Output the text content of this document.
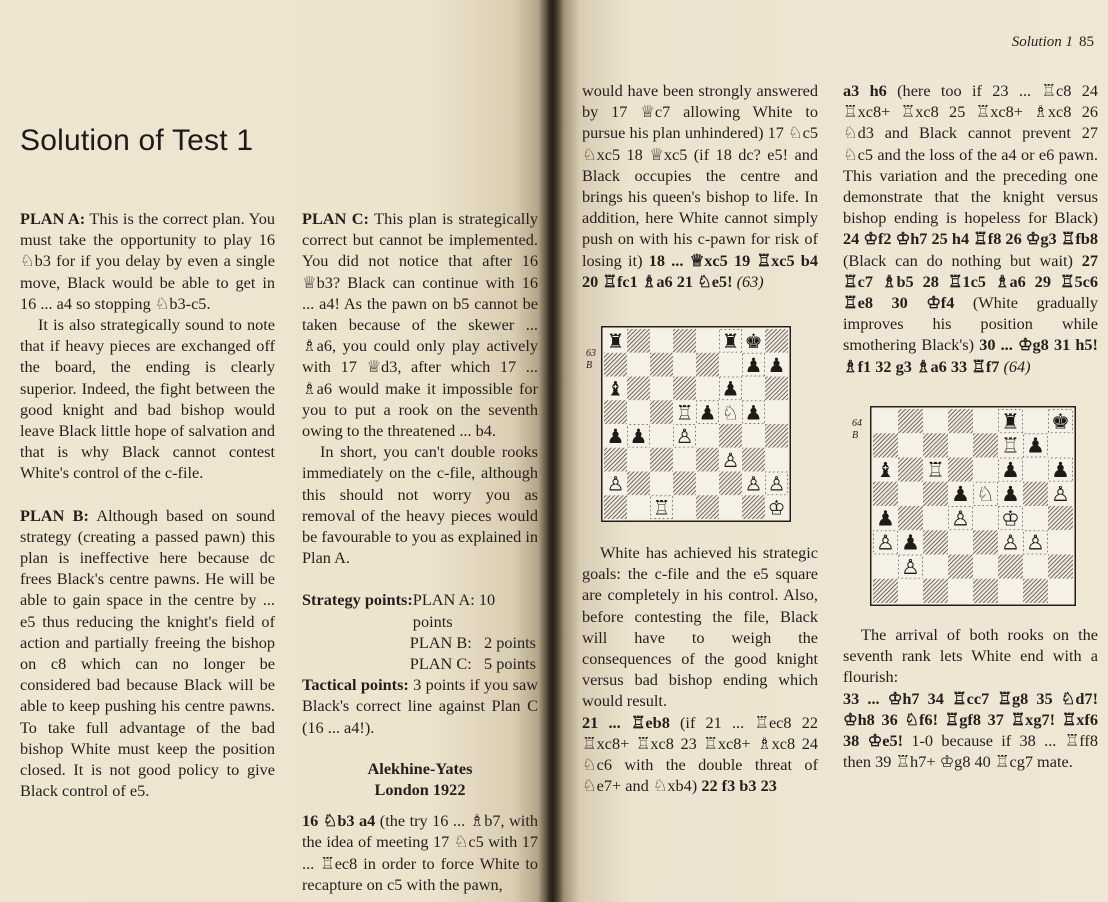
Solution of Test 1

PLAN A: This is the correct plan. You must take the opportunity to play 16 ♘b3 for if you delay by even a single move, Black would be able to get in 16 ... a4 so stopping ♘b3-c5.

It is also strategically sound to note that if heavy pieces are exchanged off the board, the ending is clearly superior. Indeed, the fight between the good knight and bad bishop would leave Black little hope of salvation and that is why Black cannot contest White's control of the c-file.

PLAN B: Although based on sound strategy (creating a passed pawn) this plan is ineffective here because dc frees Black's centre pawns. He will be able to gain space in the centre by ... e5 thus reducing the knight's field of action and partially freeing the bishop on c8 which can no longer be considered bad because Black will be able to keep pushing his centre pawns. To take full advantage of the bad bishop White must keep the position closed. It is not good policy to give Black control of e5.

PLAN C: This plan is strategically correct but cannot be implemented. You did not notice that after 16 ♕b3? Black can continue with 16 ... a4! As the pawn on b5 cannot be taken because of the skewer ... ♗a6, you could only play actively with 17 ♕d3, after which 17 ... ♗a6 would make it impossible for you to put a rook on the seventh owing to the threatened ... b4.

In short, you can't double rooks immediately on the c-file, although this should not worry you as removal of the heavy pieces would be favourable to you as explained in Plan A.

Strategy points: PLAN A: 10 points
PLAN B:   2 points
PLAN C:   5 points

Tactical points: 3 points if you saw Black's correct line against Plan C (16 ... a4!).

Alekhine-Yates

London 1922

16 ♘b3 a4 (the try 16 ... ♗b7, with the idea of meeting 17 ♘c5 with 17 ... ♖ec8 in order to force White to recapture on c5 with the pawn,

Solution 1 85

would have been strongly answered by 17 ♕c7 allowing White to pursue his plan unhindered) 17 ♘c5 ♘xc5 18 ♕xc5 (if 18 dc? e5! and Black occupies the centre and brings his queen's bishop to life. In addition, here White cannot simply push on with his c-pawn for risk of losing it) 18 ... ♕xc5 19 ♖xc5 b4 20 ♖fc1 ♗a6 21 ♘e5! (63)

63
B
♜	♜ ♚
♟ ♟
♝	♟
♖ ♟ ♘ ♟
♟ ♟ ♙
♙
♙	♙ ♙
♖	♔

White has achieved his strategic goals: the c-file and the e5 square are completely in his control. Also, before contesting the file, Black will have to weigh the consequences of the good knight versus bad bishop ending which would result.

21 ... ♖eb8 (if 21 ... ♖ec8 22 ♖xc8+ ♖xc8 23 ♖xc8+ ♗xc8 24 ♘c6 with the double threat of ♘e7+ and ♘xb4) 22 f3 b3 23

a3 h6 (here too if 23 ... ♖c8 24 ♖xc8+ ♖xc8 25 ♖xc8+ ♗xc8 26 ♘d3 and Black cannot prevent 27 ♘c5 and the loss of the a4 or e6 pawn. This variation and the preceding one demonstrate that the knight versus bishop ending is hopeless for Black) 24 ♔f2 ♔h7 25 h4 ♖f8 26 ♔g3 ♖fb8 (Black can do nothing but wait) 27 ♖c7 ♗b5 28 ♖1c5 ♗a6 29 ♖5c6 ♖e8 30 ♔f4 (White gradually improves his position while smothering Black's) 30 ... ♔g8 31 h5! ♗f1 32 g3 ♗a6 33 ♖f7 (64)

64
B
♜ ♚
♖ ♟
♝ ♖	♟ ♟
♟ ♘ ♟ ♙
♟	♙ ♔
♙ ♟	♙ ♙
♙

The arrival of both rooks on the seventh rank lets White end with a flourish:

33 ... ♔h7 34 ♖cc7 ♖g8 35 ♘d7! ♔h8 36 ♘f6! ♖gf8 37 ♖xg7! ♖xf6 38 ♔e5! 1-0 because if 38 ... ♖ff8 then 39 ♖h7+ ♔g8 40 ♖cg7 mate.
